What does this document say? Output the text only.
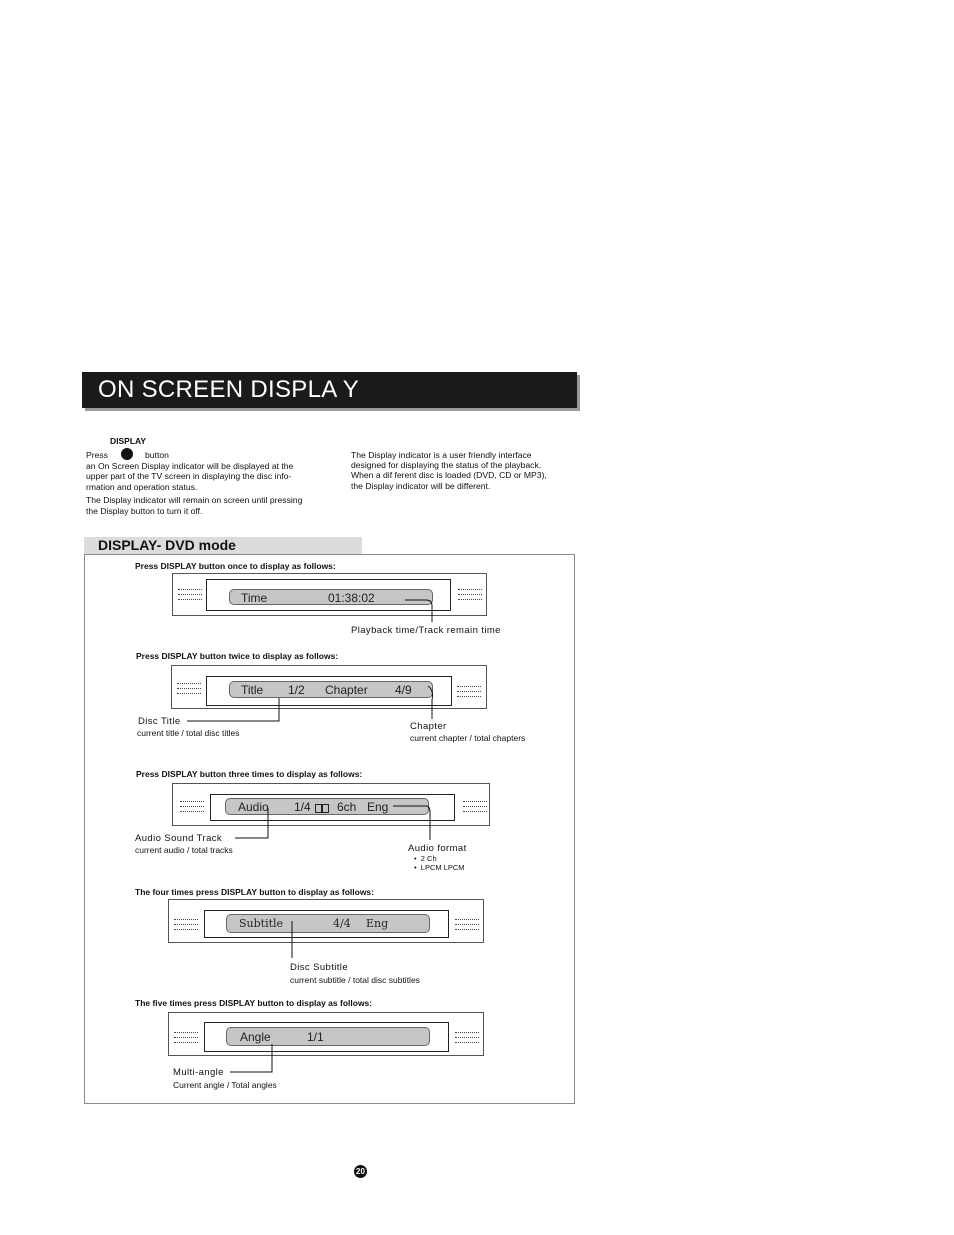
ON SCREEN DISPLA Y
DISPLAY
Press	button
an On Screen Display indicator will be displayed at the
upper part of the TV screen in displaying the disc info-
rmation and operation status.
The Display indicator will remain on screen until pressing
the Display button to turn it off.
The Display indicator is a user friendly interface
designed for displaying the status of the playback.
When a dif ferent disc is loaded (DVD, CD or MP3),
the Display indicator will be different.
DISPLAY- DVD mode
Press DISPLAY button once to display as follows:
Time	01:38:02
Playback time/Track remain time
Press DISPLAY button twice to display as follows:
Title 1/2 Chapter 4/9
Disc Title
current title / total disc titles
Chapter
current chapter / total chapters
Press DISPLAY button three times to display as follows:
Audio 1/4 6ch Eng
Audio Sound Track
current audio / total tracks	Audio format
•  2 Ch
•  LPCM LPCM
The four times press DISPLAY button to display as follows:
Subtitle	4/4 Eng
Disc Subtitle
current subtitle / total disc subtitles
The five times press DISPLAY button to display as follows:
Angle	1/1
Multi-angle
Current angle / Total angles
20
